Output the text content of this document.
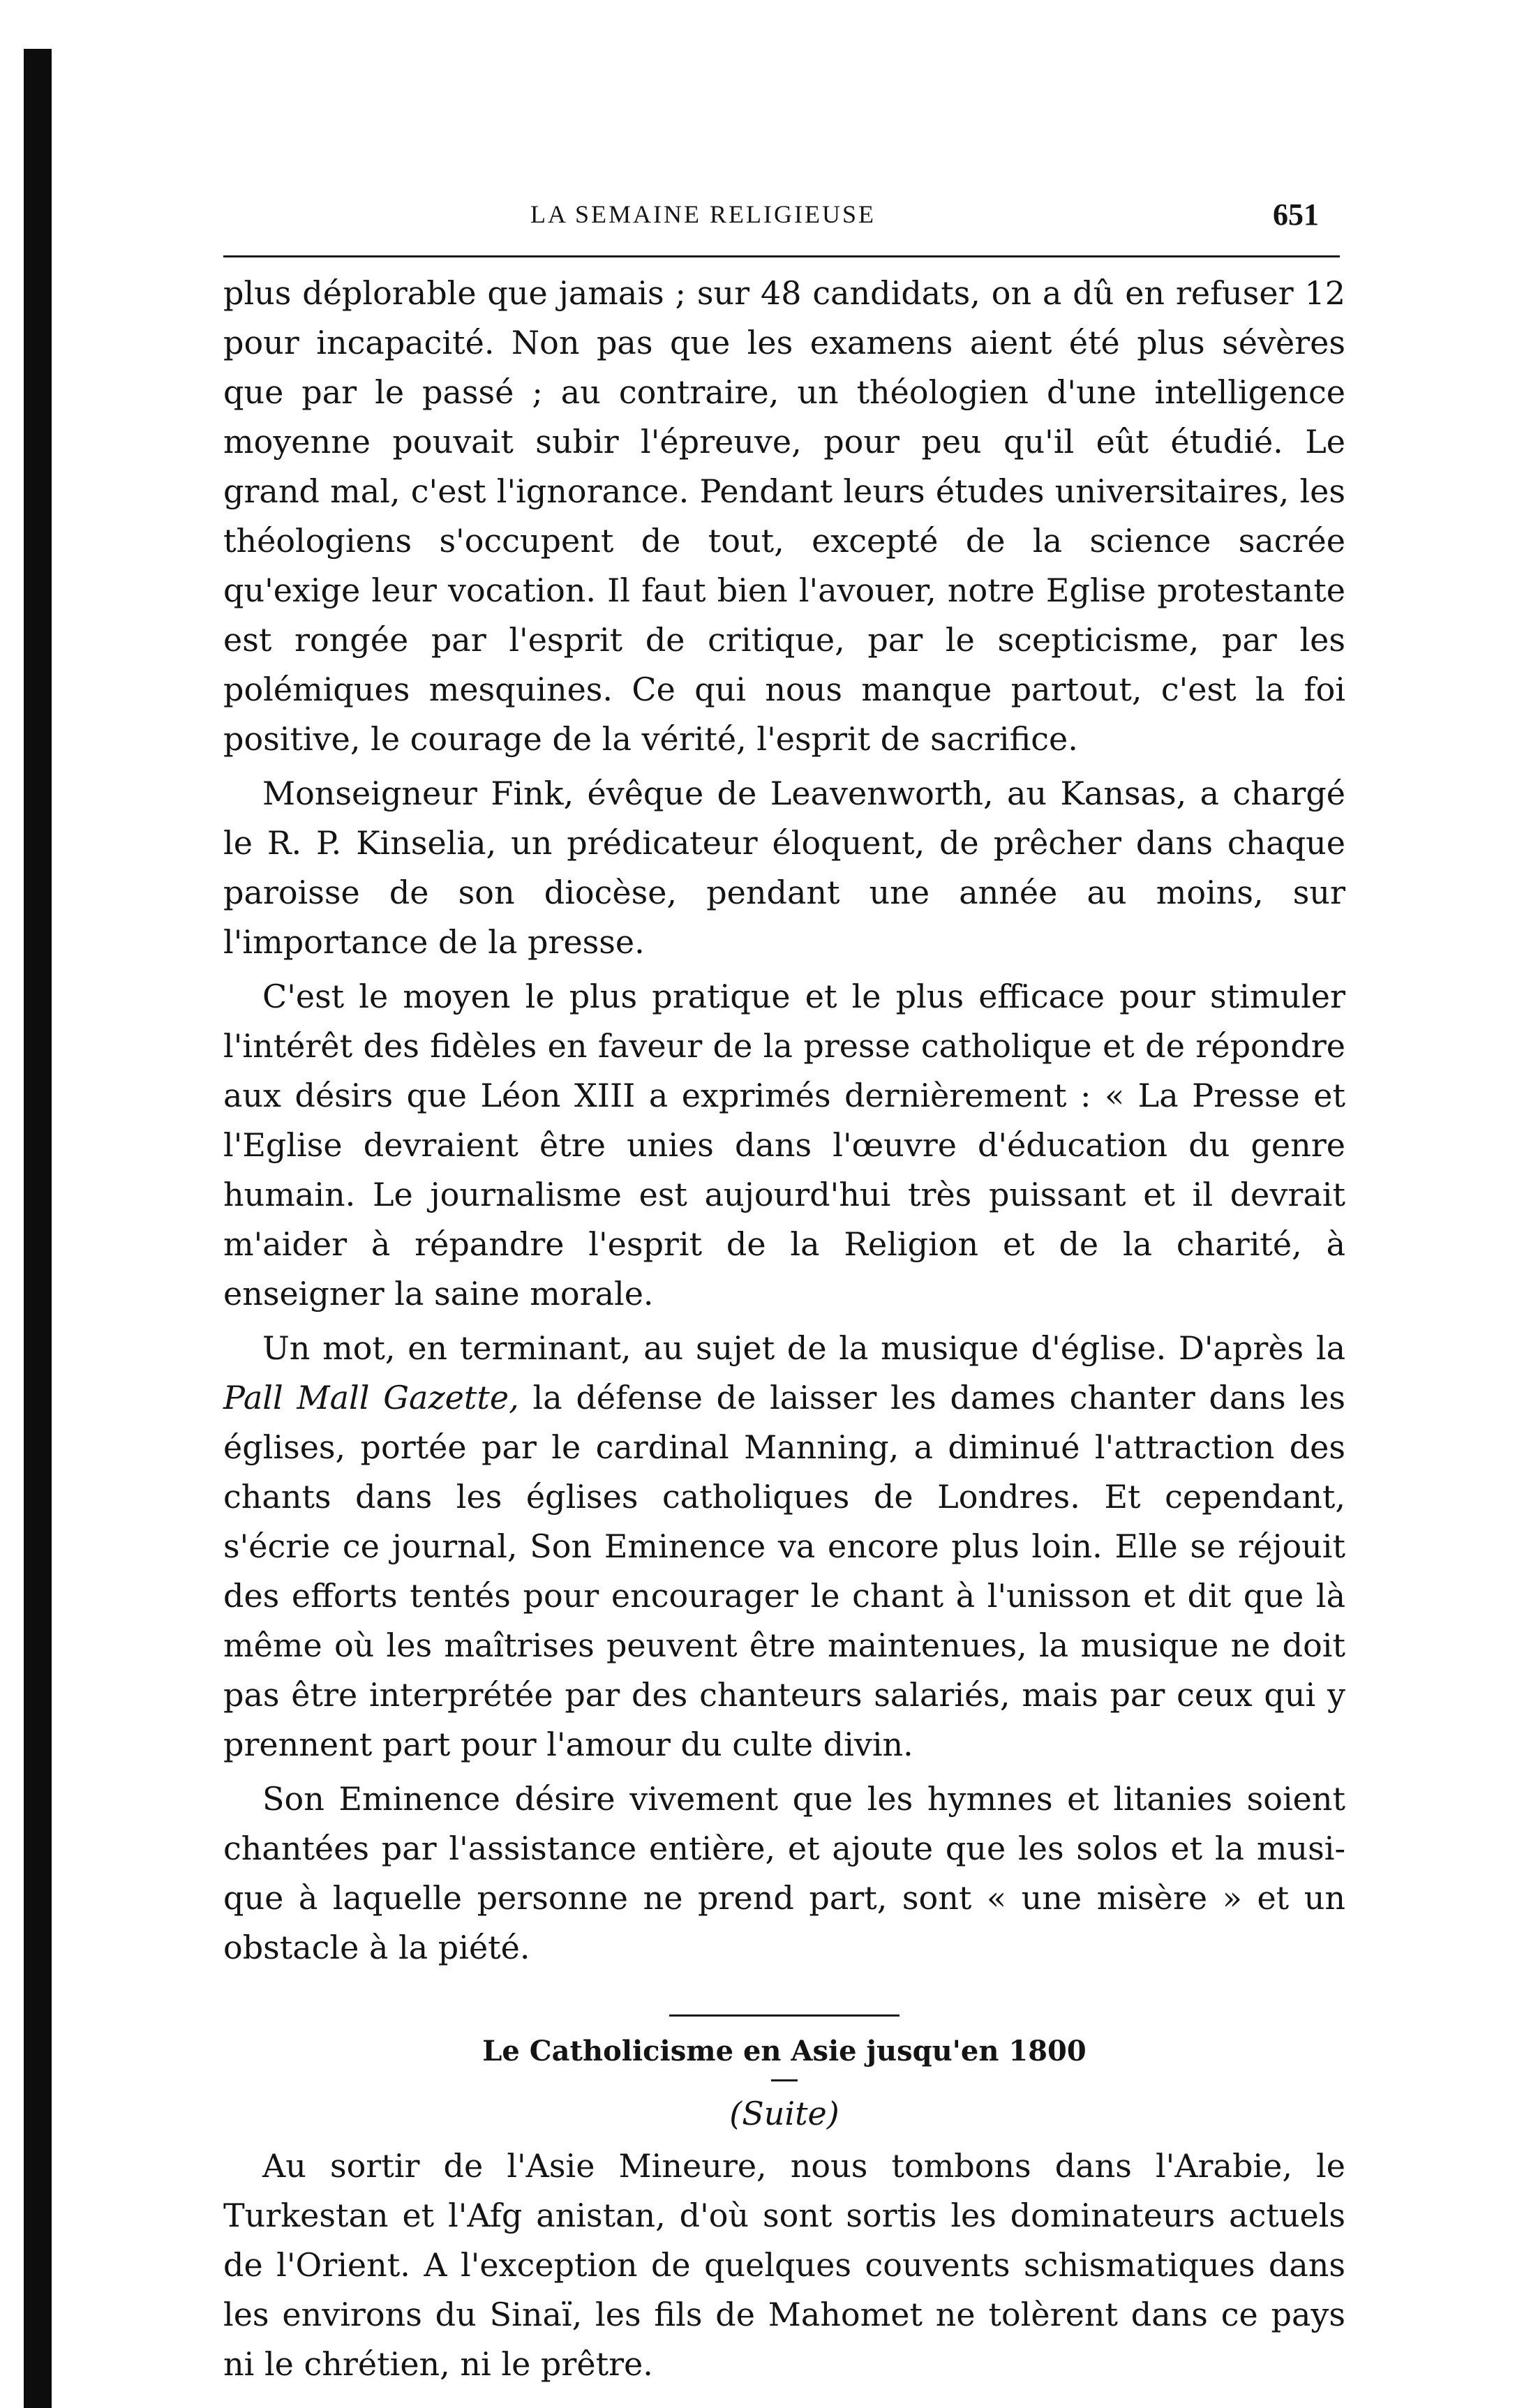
LA SEMAINE RELIGIEUSE	651

plus déplorable que jamais ; sur 48 candidats, on a dû en refuser 12 pour incapacité. Non pas que les examens aient été plus sévères que par le passé ; au contraire, un théologien d'une intelligence moyenne pouvait subir l'épreuve, pour peu qu'il eût étudié. Le grand mal, c'est l'ignorance. Pendant leurs études universitaires, les théologiens s'occupent de tout, excepté de la science sacrée qu'exige leur vocation. Il faut bien l'avouer, notre Eglise protestante est rongée par l'esprit de critique, par le scepticisme, par les polémiques mesquines. Ce qui nous manque partout, c'est la foi positive, le courage de la vérité, l'esprit de sacrifice.

Monseigneur Fink, évêque de Leavenworth, au Kansas, a chargé le R. P. Kinselia, un prédicateur éloquent, de prêcher dans chaque paroisse de son diocèse, pendant une année au moins, sur l'importance de la presse.

C'est le moyen le plus pratique et le plus efficace pour stimuler l'intérêt des fidèles en faveur de la presse catholique et de répondre aux désirs que Léon XIII a exprimés dernièrement : « La Presse et l'Eglise devraient être unies dans l'œuvre d'éducation du genre humain. Le journalisme est aujourd'hui très puissant et il devrait m'aider à répandre l'esprit de la Religion et de la charité, à enseigner la saine morale.

Un mot, en terminant, au sujet de la musique d'église. D'après la Pall Mall Gazette, la défense de laisser les dames chanter dans les églises, portée par le cardinal Manning, a diminué l'attraction des chants dans les églises catholiques de Londres. Et cependant, s'écrie ce journal, Son Eminence va encore plus loin. Elle se réjouit des efforts tentés pour encourager le chant à l'unisson et dit que là même où les maîtrises peuvent être maintenues, la musique ne doit pas être interprétée par des chanteurs salariés, mais par ceux qui y prennent part pour l'amour du culte divin.

Son Eminence désire vivement que les hymnes et litanies soient chantées par l'assistance entière, et ajoute que les solos et la musique à laquelle personne ne prend part, sont « une misère » et un obstacle à la piété.

Le Catholicisme en Asie jusqu'en 1800

(Suite)

Au sortir de l'Asie Mineure, nous tombons dans l'Arabie, le Turkestan et l'Afg anistan, d'où sont sortis les dominateurs actuels de l'Orient. A l'exception de quelques couvents schismatiques dans les environs du Sinaï, les fils de Mahomet ne tolèrent dans ce pays ni le chrétien, ni le prêtre.
